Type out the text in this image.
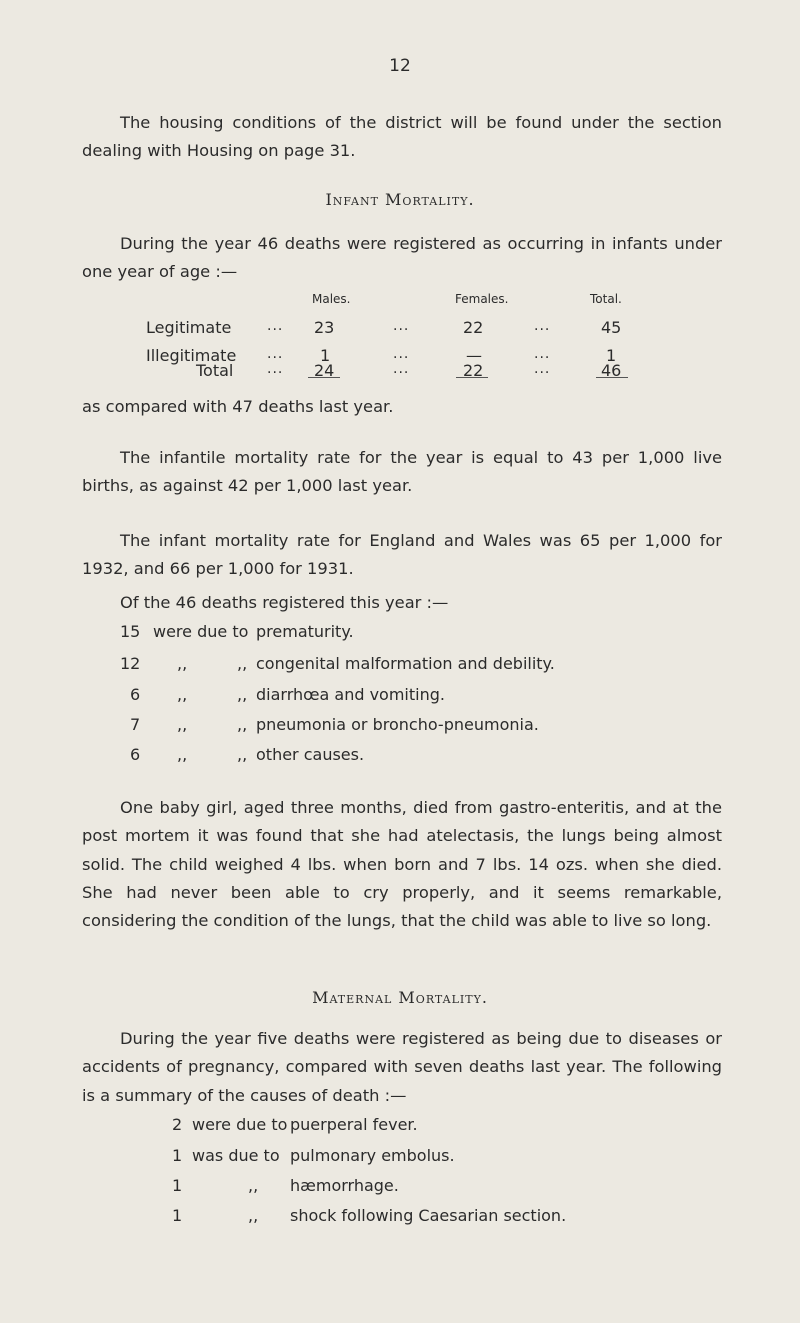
12

The housing conditions of the district will be found under the section dealing with Housing on page 31.

Infant Mortality.

During the year 46 deaths were registered as occurring in infants under one year of age :—

Males.	Females.	Total.
Legitimate	... 23	...	22	...	45
Illegitimate ... 1	...	—	...	1
Total ... 24	...	22	...	46

as compared with 47 deaths last year.

The infantile mortality rate for the year is equal to 43 per 1,000 live births, as against 42 per 1,000 last year.

The infant mortality rate for England and Wales was 65 per 1,000 for 1932, and 66 per 1,000 for 1931.

Of the 46 deaths registered this year :—

15 were due to prematurity.
12 ,,	,, congenital malformation and debility.
6 ,,	,, diarrhœa and vomiting.
7 ,,	,, pneumonia or broncho-pneumonia.
6 ,,	,, other causes.

One baby girl, aged three months, died from gastro-enteritis, and at the post mortem it was found that she had atelectasis, the lungs being almost solid. The child weighed 4 lbs. when born and 7 lbs. 14 ozs. when she died. She had never been able to cry properly, and it seems remarkable, considering the condition of the lungs, that the child was able to live so long.

Maternal Mortality.

During the year five deaths were registered as being due to diseases or accidents of pregnancy, compared with seven deaths last year. The following is a summary of the causes of death :—

2 were due to puerperal fever.
1 was due to pulmonary embolus.
1	,, hæmorrhage.
1	,, shock following Caesarian section.
